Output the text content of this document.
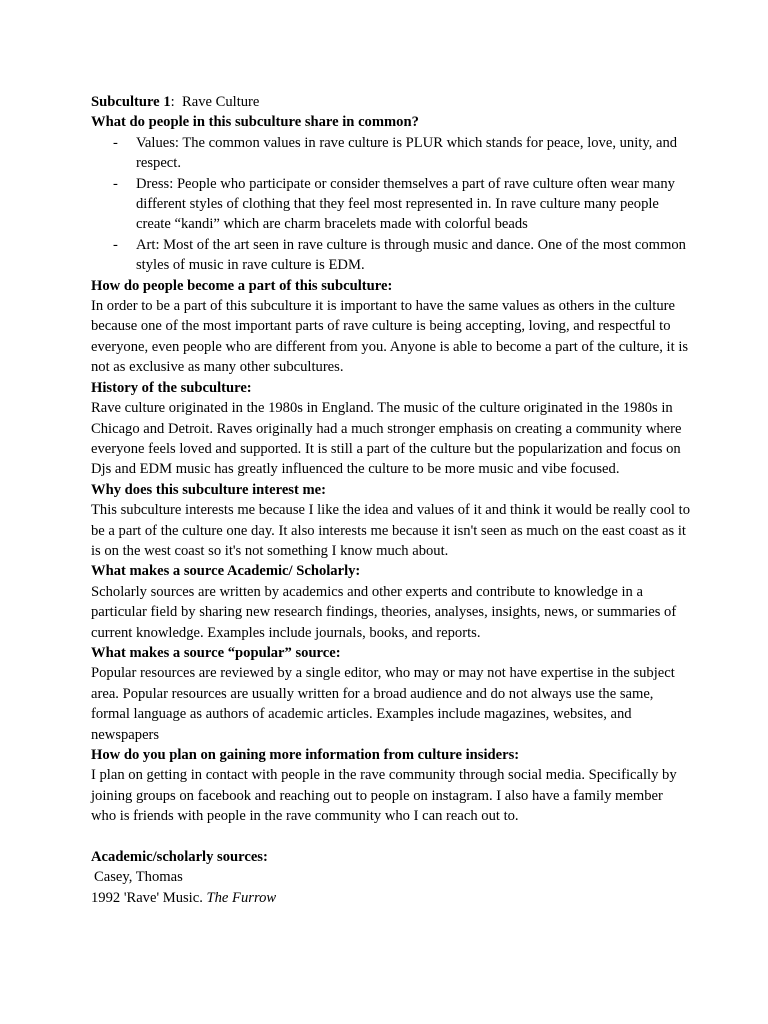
Subculture 1: Rave Culture

What do people in this subculture share in common?

- Values: The common values in rave culture is PLUR which stands for peace, love, unity, and respect.
- Dress: People who participate or consider themselves a part of rave culture often wear many different styles of clothing that they feel most represented in. In rave culture many people create “kandi” which are charm bracelets made with colorful beads
- Art: Most of the art seen in rave culture is through music and dance. One of the most common styles of music in rave culture is EDM.

How do people become a part of this subculture:

In order to be a part of this subculture it is important to have the same values as others in the culture because one of the most important parts of rave culture is being accepting, loving, and respectful to everyone, even people who are different from you. Anyone is able to become a part of the culture, it is not as exclusive as many other subcultures.

History of the subculture:

Rave culture originated in the 1980s in England. The music of the culture originated in the 1980s in Chicago and Detroit. Raves originally had a much stronger emphasis on creating a community where everyone feels loved and supported. It is still a part of the culture but the popularization and focus on Djs and EDM music has greatly influenced the culture to be more music and vibe focused.

Why does this subculture interest me:

This subculture interests me because I like the idea and values of it and think it would be really cool to be a part of the culture one day. It also interests me because it isn't seen as much on the east coast as it is on the west coast so it's not something I know much about.

What makes a source Academic/ Scholarly:

Scholarly sources are written by academics and other experts and contribute to knowledge in a particular field by sharing new research findings, theories, analyses, insights, news, or summaries of current knowledge. Examples include journals, books, and reports.

What makes a source “popular” source:

Popular resources are reviewed by a single editor, who may or may not have expertise in the subject area. Popular resources are usually written for a broad audience and do not always use the same, formal language as authors of academic articles. Examples include magazines, websites, and newspapers

How do you plan on gaining more information from culture insiders:

I plan on getting in contact with people in the rave community through social media. Specifically by joining groups on facebook and reaching out to people on instagram. I also have a family member who is friends with people in the rave community who I can reach out to.

Academic/scholarly sources:

Casey, Thomas

1992 'Rave' Music. The Furrow
